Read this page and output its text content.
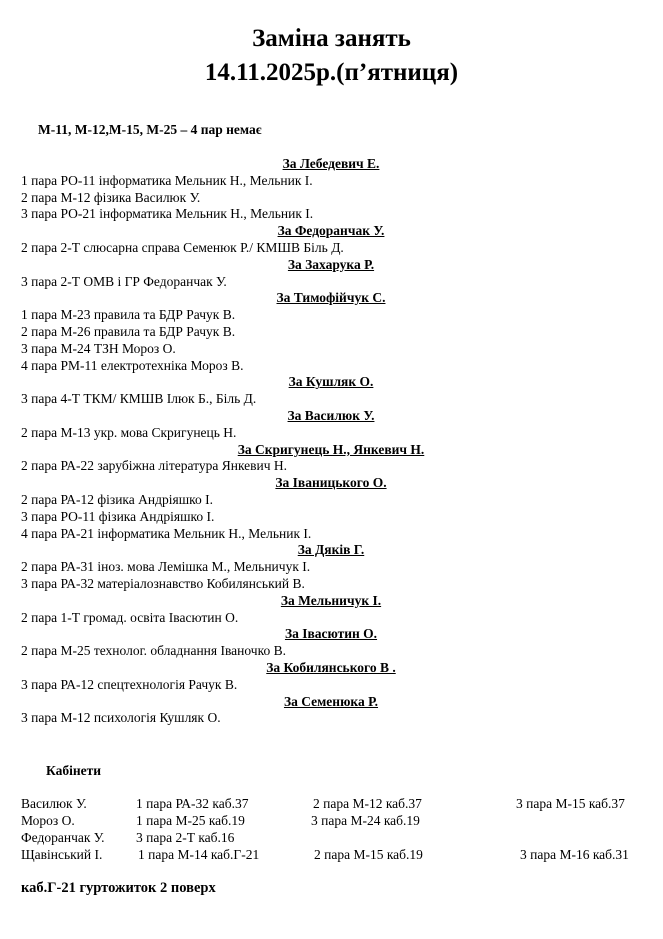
Заміна занять
14.11.2025р.(п’ятниця)
М-11, М-12,М-15, М-25 – 4 пар немає
За Лебедевич Е.
1 пара РО-11 інформатика Мельник Н., Мельник І.
2 пара М-12 фізика Василюк У.
3 пара РО-21 інформатика Мельник Н., Мельник І.
За Федоранчак У.
2 пара 2-Т слюсарна справа Семенюк Р./ КМШВ Біль Д.
За Захарука Р.
3 пара 2-Т ОМВ і ГР Федоранчак У.
За Тимофійчук С.
1 пара М-23 правила та БДР Рачук В.
2 пара М-26 правила та БДР Рачук В.
3 пара М-24 ТЗН Мороз О.
4 пара РМ-11 електротехніка Мороз В.
За Кушляк О.
3 пара 4-Т ТКМ/ КМШВ Ілюк Б., Біль Д.
За Василюк У.
2 пара М-13 укр. мова Скригунець Н.
За Скригунець Н., Янкевич Н.
2 пара РА-22 зарубіжна література Янкевич Н.
За Іваницького О.
2 пара РА-12 фізика Андріяшко І.
3 пара РО-11 фізика Андріяшко І.
4 пара РА-21 інформатика Мельник Н., Мельник І.
За Дяків Г.
2 пара РА-31 іноз. мова Лемішка М., Мельничук І.
3 пара РА-32 матеріалознавство Кобилянський В.
За Мельничук І.
2 пара 1-Т громад. освіта Івасютин О.
За Івасютин О.
2 пара М-25 технолог. обладнання Іваночко В.
За Кобилянського В .
3 пара РА-12 спецтехнологія Рачук В.
За Семенюка Р.
3 пара М-12 психологія Кушляк О.
Кабінети
Василюк У.	1 пара РА-32 каб.37	2 пара М-12 каб.37	3 пара М-15 каб.37
Мороз О.	1 пара М-25 каб.19	3 пара М-24 каб.19
Федоранчак У. 3 пара 2-Т каб.16
Щавінський І.	1 пара М-14 каб.Г-21	2 пара М-15 каб.19	3 пара М-16 каб.31
каб.Г-21 гуртожиток 2 поверх
